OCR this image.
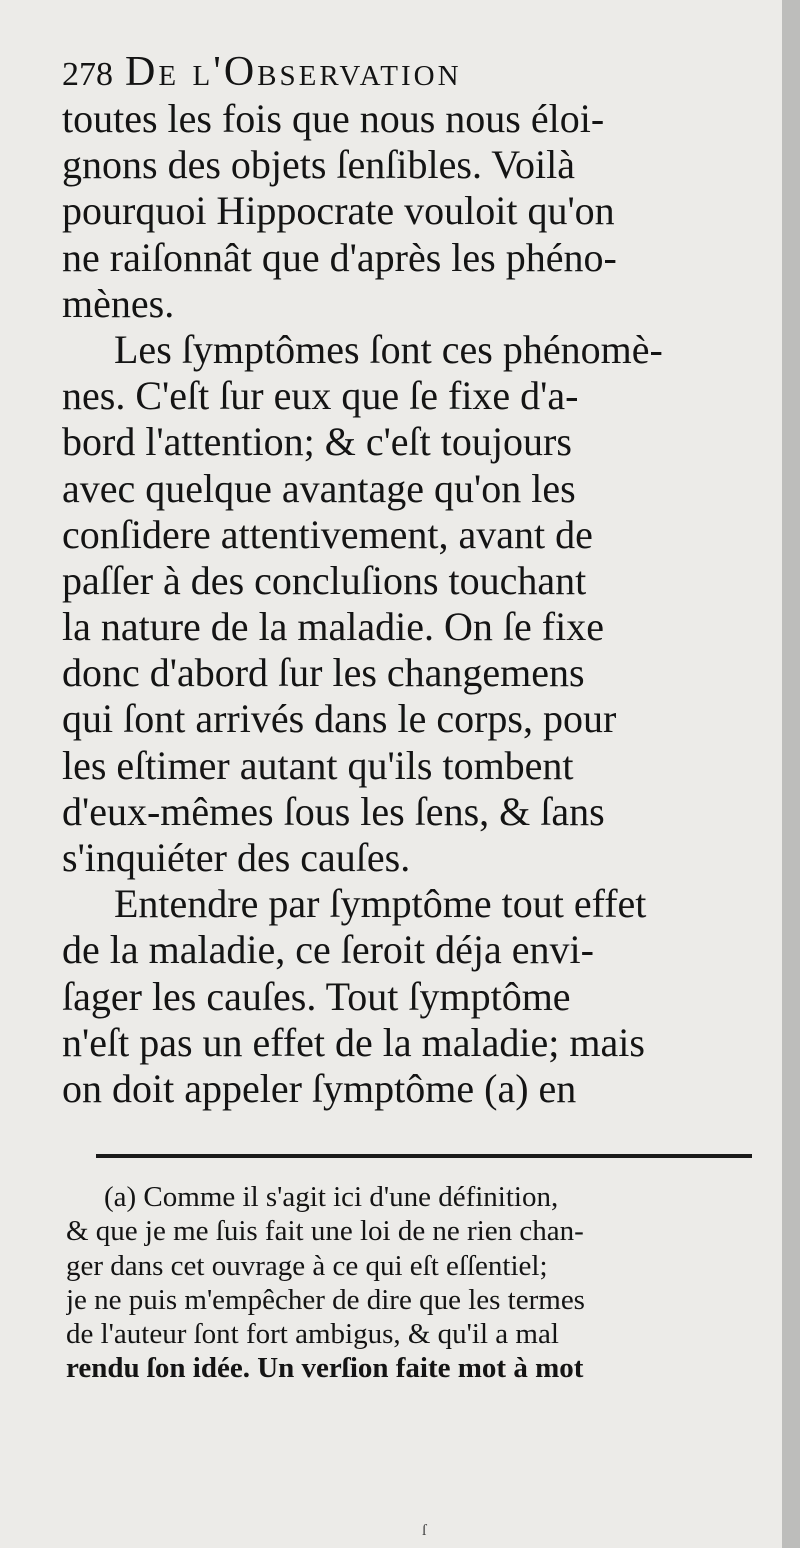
278 De l'Observation
toutes les fois que nous nous éloi-
gnons des objets ſenſibles. Voilà
pourquoi Hippocrate vouloit qu'on
ne raiſonnât que d'après les phéno-
mènes.
Les ſymptômes ſont ces phénomè-
nes. C'eſt ſur eux que ſe fixe d'a-
bord l'attention; & c'eſt toujours
avec quelque avantage qu'on les
conſidere attentivement, avant de
paſſer à des concluſions touchant
la nature de la maladie. On ſe fixe
donc d'abord ſur les changemens
qui ſont arrivés dans le corps, pour
les eſtimer autant qu'ils tombent
d'eux-mêmes ſous les ſens, & ſans
s'inquiéter des cauſes.
Entendre par ſymptôme tout effet
de la maladie, ce ſeroit déja envi-
ſager les cauſes. Tout ſymptôme
n'eſt pas un effet de la maladie; mais
on doit appeler ſymptôme (a) en
(a) Comme il s'agit ici d'une définition,
& que je me ſuis fait une loi de ne rien chan-
ger dans cet ouvrage à ce qui eſt eſſentiel;
je ne puis m'empêcher de dire que les termes
de l'auteur ſont fort ambigus, & qu'il a mal
rendu ſon idée. Un verſion faite mot à mot
ſ
